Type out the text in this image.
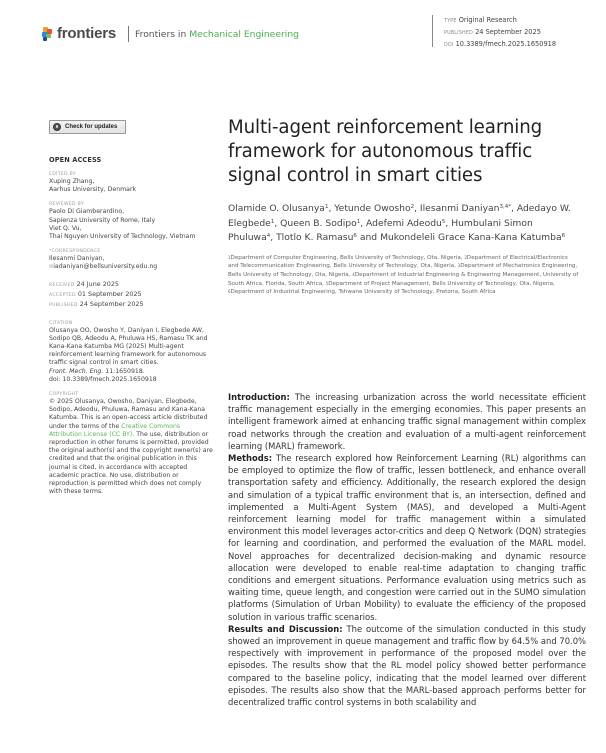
frontiers Frontiers in Mechanical Engineering
TYPE Original Research
PUBLISHED 24 September 2025
DOI 10.3389/fmech.2025.1650918
Check for updates
OPEN ACCESS
EDITED BY
Xuping Zhang,
Aarhus University, Denmark
REVIEWED BY
Paolo Di Giamberardino,
Sapienza University of Rome, Italy
Viet Q. Vu,
Thai Nguyen University of Technology, Vietnam
*CORRESPONDENCE
Ilesanmi Daniyan,
✉ iadaniyan@bellsuniversity.edu.ng
RECEIVED 24 June 2025
ACCEPTED 01 September 2025
PUBLISHED 24 September 2025
CITATION
Olusanya OO, Owosho Y, Daniyan I, Elegbede AW, Sodipo QB, Adeodu A, Phuluwa HS, Ramasu TK and Kana-Kana Katumba MG (2025) Multi-agent reinforcement learning framework for autonomous traffic signal control in smart cities.
Front. Mech. Eng. 11:1650918.
doi: 10.3389/fmech.2025.1650918
COPYRIGHT
© 2025 Olusanya, Owosho, Daniyan, Elegbede, Sodipo, Adeodu, Phuluwa, Ramasu and Kana-Kana Katumba. This is an open-access article distributed under the terms of the Creative Commons Attribution License (CC BY). The use, distribution or reproduction in other forums is permitted, provided the original author(s) and the copyright owner(s) are credited and that the original publication in this journal is cited, in accordance with accepted academic practice. No use, distribution or reproduction is permitted which does not comply with these terms.
Multi-agent reinforcement learning framework for autonomous traffic signal control in smart cities
Olamide O. Olusanya$^1$, Yetunde Owosho$^2$, Ilesanmi Daniyan$^{3,4*}$, Adedayo W. Elegbede$^1$, Queen B. Sodipo$^1$, Adefemi Adeodu$^5$, Humbulani Simon Phuluwa$^4$, Tlotlo K. Ramasu$^6$ and Mukondeleli Grace Kana-Kana Katumba$^6$
$^1$Department of Computer Engineering, Bells University of Technology, Ota, Nigeria, $^2$Department of Electrical/Electronics and Telecommunication Engineering, Bells University of Technology, Ota, Nigeria, $^3$Department of Mechatronics Engineering, Bells University of Technology, Ota, Nigeria, $^4$Department of Industrial Engineering & Engineering Management, University of South Africa, Florida, South Africa, $^5$Department of Project Management, Bells University of Technology, Ota, Nigeria, $^6$Department of Industrial Engineering, Tshwane University of Technology, Pretoria, South Africa

Introduction: The increasing urbanization across the world necessitate efficient traffic management especially in the emerging economies. This paper presents an intelligent framework aimed at enhancing traffic signal management within complex road networks through the creation and evaluation of a multi-agent reinforcement learning (MARL) framework.

Methods: The research explored how Reinforcement Learning (RL) algorithms can be employed to optimize the flow of traffic, lessen bottleneck, and enhance overall transportation safety and efficiency. Additionally, the research explored the design and simulation of a typical traffic environment that is, an intersection, defined and implemented a Multi-Agent System (MAS), and developed a Multi-Agent reinforcement learning model for traffic management within a simulated environment this model leverages actor-critics and deep Q Network (DQN) strategies for learning and coordination, and performed the evaluation of the MARL model. Novel approaches for decentralized decision-making and dynamic resource allocation were developed to enable real-time adaptation to changing traffic conditions and emergent situations. Performance evaluation using metrics such as waiting time, queue length, and congestion were carried out in the SUMO simulation platforms (Simulation of Urban Mobility) to evaluate the efficiency of the proposed solution in various traffic scenarios.

Results and Discussion: The outcome of the simulation conducted in this study showed an improvement in queue management and traffic flow by 64.5% and 70.0% respectively with improvement in performance of the proposed model over the episodes. The results show that the RL model policy showed better performance compared to the baseline policy, indicating that the model learned over different episodes. The results also show that the MARL-based approach performs better for decentralized traffic control systems in both scalability and
